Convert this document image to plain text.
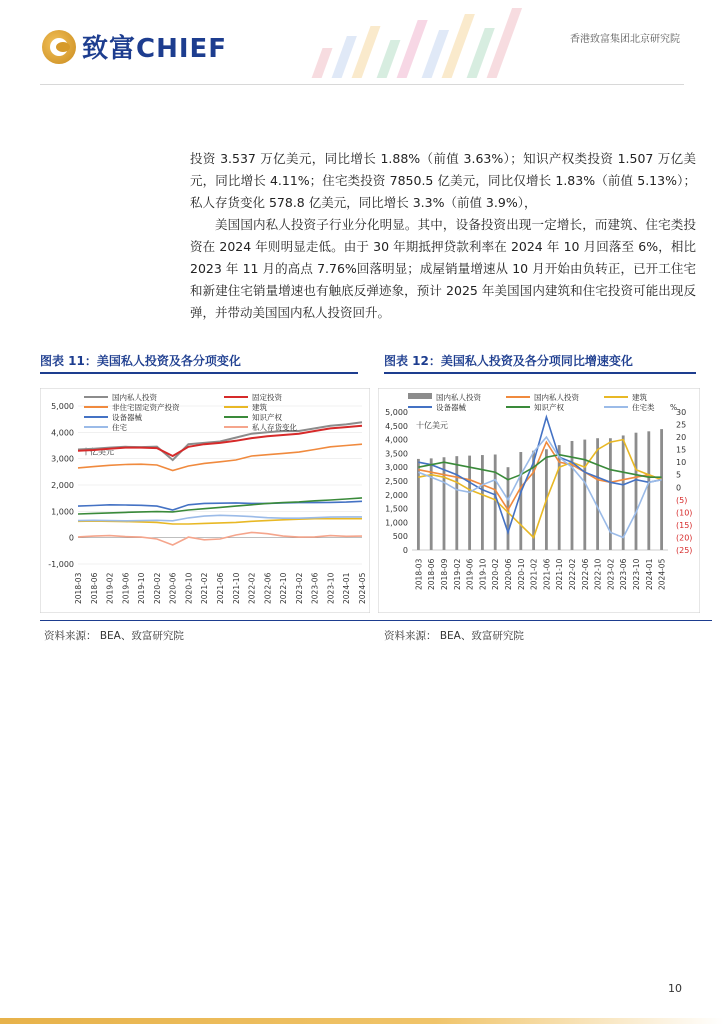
致富CHIEF	香港致富集团北京研究院

投资 3.537 万亿美元，同比增长 1.88%（前值 3.63%）；知识产权类投资 1.507 万亿美元，同比增长 4.11%；住宅类投资 7850.5 亿美元，同比仅增长 1.83%（前值 5.13%）；私人存货变化 578.8 亿美元，同比增长 3.3%（前值 3.9%），

美国国内私人投资子行业分化明显。其中，设备投资出现一定增长，而建筑、住宅类投资在 2024 年则明显走低。由于 30 年期抵押贷款利率在 2024 年 10 月回落至 6%，相比 2023 年 11 月的高点 7.76%回落明显；成屋销量增速从 10 月开始由负转正，已开工住宅和新建住宅销量增速也有触底反弹迹象，预计 2025 年美国国内建筑和住宅投资可能出现反弹，并带动美国国内私人投资回升。

图表 11：美国私人投资及各分项变化	图表 12：美国私人投资及各分项同比增速变化
5,000
4,000
3,000
2,000
1,000
0
-1,000
十亿美元
2018-03 2018-06 2019-02 2019-06 2019-10 2020-02 2020-06 2020-10 2021-02 2021-06 2021-10 2022-02 2022-06 2022-10 2023-02 2023-06 2023-10 2024-01 2024-05
国内私人投资	固定投资
非住宅固定资产投资	建筑
设备器械	知识产权
住宅	私人存货变化
5,000
4,500
4,000
3,500
3,000
2,500
2,000
1,500
1,000
500
0
30
25
20
15
10
5
0
(5)
(10)
(15)
(20)
(25)
%
十亿美元
2018-03 2018-06 2018-09 2019-02 2019-06 2019-10 2020-02 2020-06 2020-10 2021-02 2021-06 2021-10 2022-02 2022-06 2022-10 2023-02 2023-06 2023-10 2024-01 2024-05
国内私人投资	国内私人投资	建筑
设备器械	知识产权	住宅类
资料来源： BEA、致富研究院	资料来源： BEA、致富研究院
10
